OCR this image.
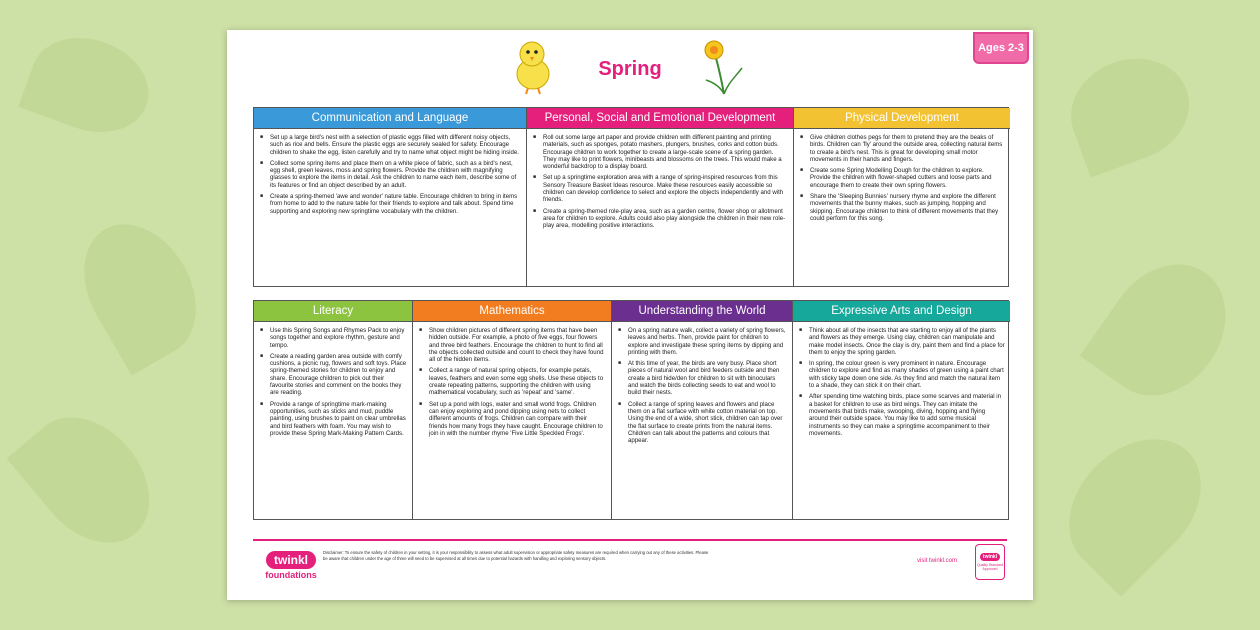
Ages 2-3
Spring
Communication and Language
■ Set up a large bird's nest with a selection of plastic eggs filled with different noisy objects, such as rice and bells. Ensure the plastic eggs are securely sealed for safety. Encourage children to shake the egg, listen carefully and try to name what object might be hiding inside.
■ Collect some spring items and place them on a white piece of fabric, such as a bird's nest, egg shell, green leaves, moss and spring flowers. Provide the children with magnifying glasses to explore the items in detail. Ask the children to name each item, describe some of its features or find an object described by an adult.
■ Create a spring-themed 'awe and wonder' nature table. Encourage children to bring in items from home to add to the nature table for their friends to explore and talk about. Spend time supporting and exploring new springtime vocabulary with the children.
Personal, Social and Emotional Development
■ Roll out some large art paper and provide children with different painting and printing materials, such as sponges, potato mashers, plungers, brushes, corks and cotton buds. Encourage children to work together to create a large-scale scene of a spring garden. They may like to print flowers, minibeasts and blossoms on the trees. This would make a wonderful backdrop to a display board.
■ Set up a springtime exploration area with a range of spring-inspired resources from this Sensory Treasure Basket Ideas resource. Make these resources easily accessible so children can develop confidence to select and explore the objects independently and with friends.
■ Create a spring-themed role-play area, such as a garden centre, flower shop or allotment area for children to explore. Adults could also play alongside the children in their new role-play area, modelling positive interactions.
Physical Development
■ Give children clothes pegs for them to pretend they are the beaks of birds. Children can 'fly' around the outside area, collecting natural items to create a bird's nest. This is great for developing small motor movements in their hands and fingers.
■ Create some Spring Modelling Dough for the children to explore. Provide the children with flower-shaped cutters and loose parts and encourage them to create their own spring flowers.
■ Share the 'Sleeping Bunnies' nursery rhyme and explore the different movements that the bunny makes, such as jumping, hopping and skipping. Encourage children to think of different movements that they could perform for this song.
Literacy
■ Use this Spring Songs and Rhymes Pack to enjoy songs together and explore rhythm, gesture and tempo.
■ Create a reading garden area outside with comfy cushions, a picnic rug, flowers and soft toys. Place spring-themed stories for children to enjoy and share. Encourage children to pick out their favourite stories and comment on the books they are reading.
■ Provide a range of springtime mark-making opportunities, such as sticks and mud, puddle painting, using brushes to paint on clear umbrellas and bird feathers with foam. You may wish to provide these Spring Mark-Making Pattern Cards.
Mathematics
■ Show children pictures of different spring items that have been hidden outside. For example, a photo of five eggs, four flowers and three bird feathers. Encourage the children to hunt to find all the objects collected outside and count to check they have found all of the hidden items.
■ Collect a range of natural spring objects, for example petals, leaves, feathers and even some egg shells. Use these objects to create repeating patterns, supporting the children with using mathematical vocabulary, such as 'repeat' and 'same'.
■ Set up a pond with logs, water and small world frogs. Children can enjoy exploring and pond dipping using nets to collect different amounts of frogs. Children can compare with their friends how many frogs they have caught. Encourage children to join in with the number rhyme 'Five Little Speckled Frogs'.
Understanding the World
■ On a spring nature walk, collect a variety of spring flowers, leaves and herbs. Then, provide paint for children to explore and investigate these spring items by dipping and printing with them.
■ At this time of year, the birds are very busy. Place short pieces of natural wool and bird feeders outside and then create a bird hide/den for children to sit with binoculars and watch the birds collecting seeds to eat and wool to build their nests.
■ Collect a range of spring leaves and flowers and place them on a flat surface with white cotton material on top. Using the end of a wide, short stick, children can tap over the flat surface to create prints from the natural items. Children can talk about the patterns and colours that appear.
Expressive Arts and Design
■ Think about all of the insects that are starting to enjoy all of the plants and flowers as they emerge. Using clay, children can manipulate and make model insects. Once the clay is dry, paint them and find a place for them to enjoy the spring garden.
■ In spring, the colour green is very prominent in nature. Encourage children to explore and find as many shades of green using a paint chart with sticky tape down one side. As they find and match the natural item to a shade, they can stick it on their chart.
■ After spending time watching birds, place some scarves and material in a basket for children to use as bird wings. They can imitate the movements that birds make, swooping, diving, hopping and flying around their outside space. You may like to add some musical instruments so they can make a springtime accompaniment to their movements.
twinkl
foundations
Disclaimer: To ensure the safety of children in your setting, it is your responsibility to assess what adult supervision or appropriate safety measures are required when carrying out any of these activities. Please be aware that children under the age of three will need to be supervised at all times due to potential hazards with handling and exploring sensory objects.	visit twinkl.com
twinkl
Quality Standard Approved
